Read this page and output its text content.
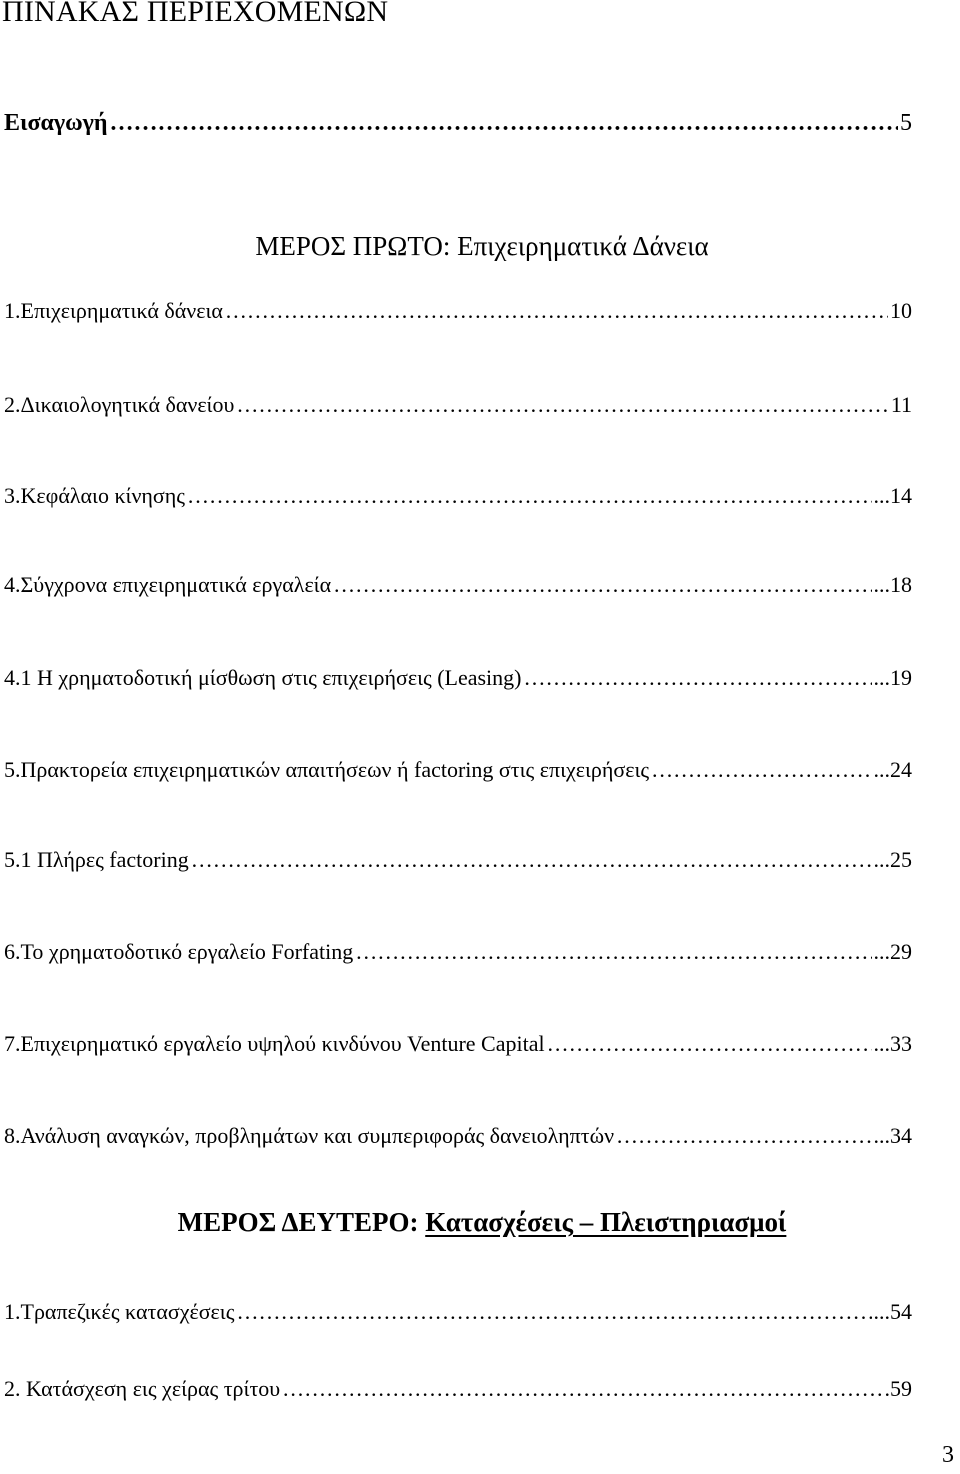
ΠΙΝΑΚΑΣ ΠΕΡΙΕΧΟΜΕΝΩΝ
Εισαγωγή ………………………………………………………………………………………………………………………………………………………………………………………………………………………………	5
ΜΕΡΟΣ ΠΡΩΤΟ: Επιχειρηματικά Δάνεια
1.Επιχειρηματικά δάνεια ………………………………………………………………………………………………………………………………………………………………………………………………………………………………	10
2.Δικαιολογητικά δανείου ………………………………………………………………………………………………………………………………………………………………………………………………………………………………	11
3.Κεφάλαιο κίνησης ………………………………………………………………………………………………………………………………………………………………………………………………………………………………	...14
4.Σύγχρονα επιχειρηματικά εργαλεία ………………………………………………………………………………………………………………………………………………………………………………………………………………………………	...18
4.1 Η χρηματοδοτική μίσθωση στις επιχειρήσεις (Leasing) ………………………………………………………………………………………………………………………………………………………………………………………………………………………………	...19
5.Πρακτορεία επιχειρηματικών απαιτήσεων ή factoring στις επιχειρήσεις ………………………………………………………………………………………………………………………………………………………………………………………………………………………………	...24
5.1 Πλήρες factoring ………………………………………………………………………………………………………………………………………………………………………………………………………………………………	...25
6.Το χρηματοδοτικό εργαλείο Forfating ………………………………………………………………………………………………………………………………………………………………………………………………………………………………	...29
7.Επιχειρηματικό εργαλείο υψηλού κινδύνου Venture Capital ………………………………………………………………………………………………………………………………………………………………………………………………………………………………	...33
8.Ανάλυση αναγκών, προβλημάτων και συμπεριφοράς δανειοληπτών ………………………………………………………………………………………………………………………………………………………………………………………………………………………………	...34
ΜΕΡΟΣ ΔΕΥΤΕΡΟ: Κατασχέσεις – Πλειστηριασμοί
1.Τραπεζικές κατασχέσεις ………………………………………………………………………………………………………………………………………………………………………………………………………………………………	...54
2. Κατάσχεση εις χείρας τρίτου ………………………………………………………………………………………………………………………………………………………………………………………………………………………………	.59
3
